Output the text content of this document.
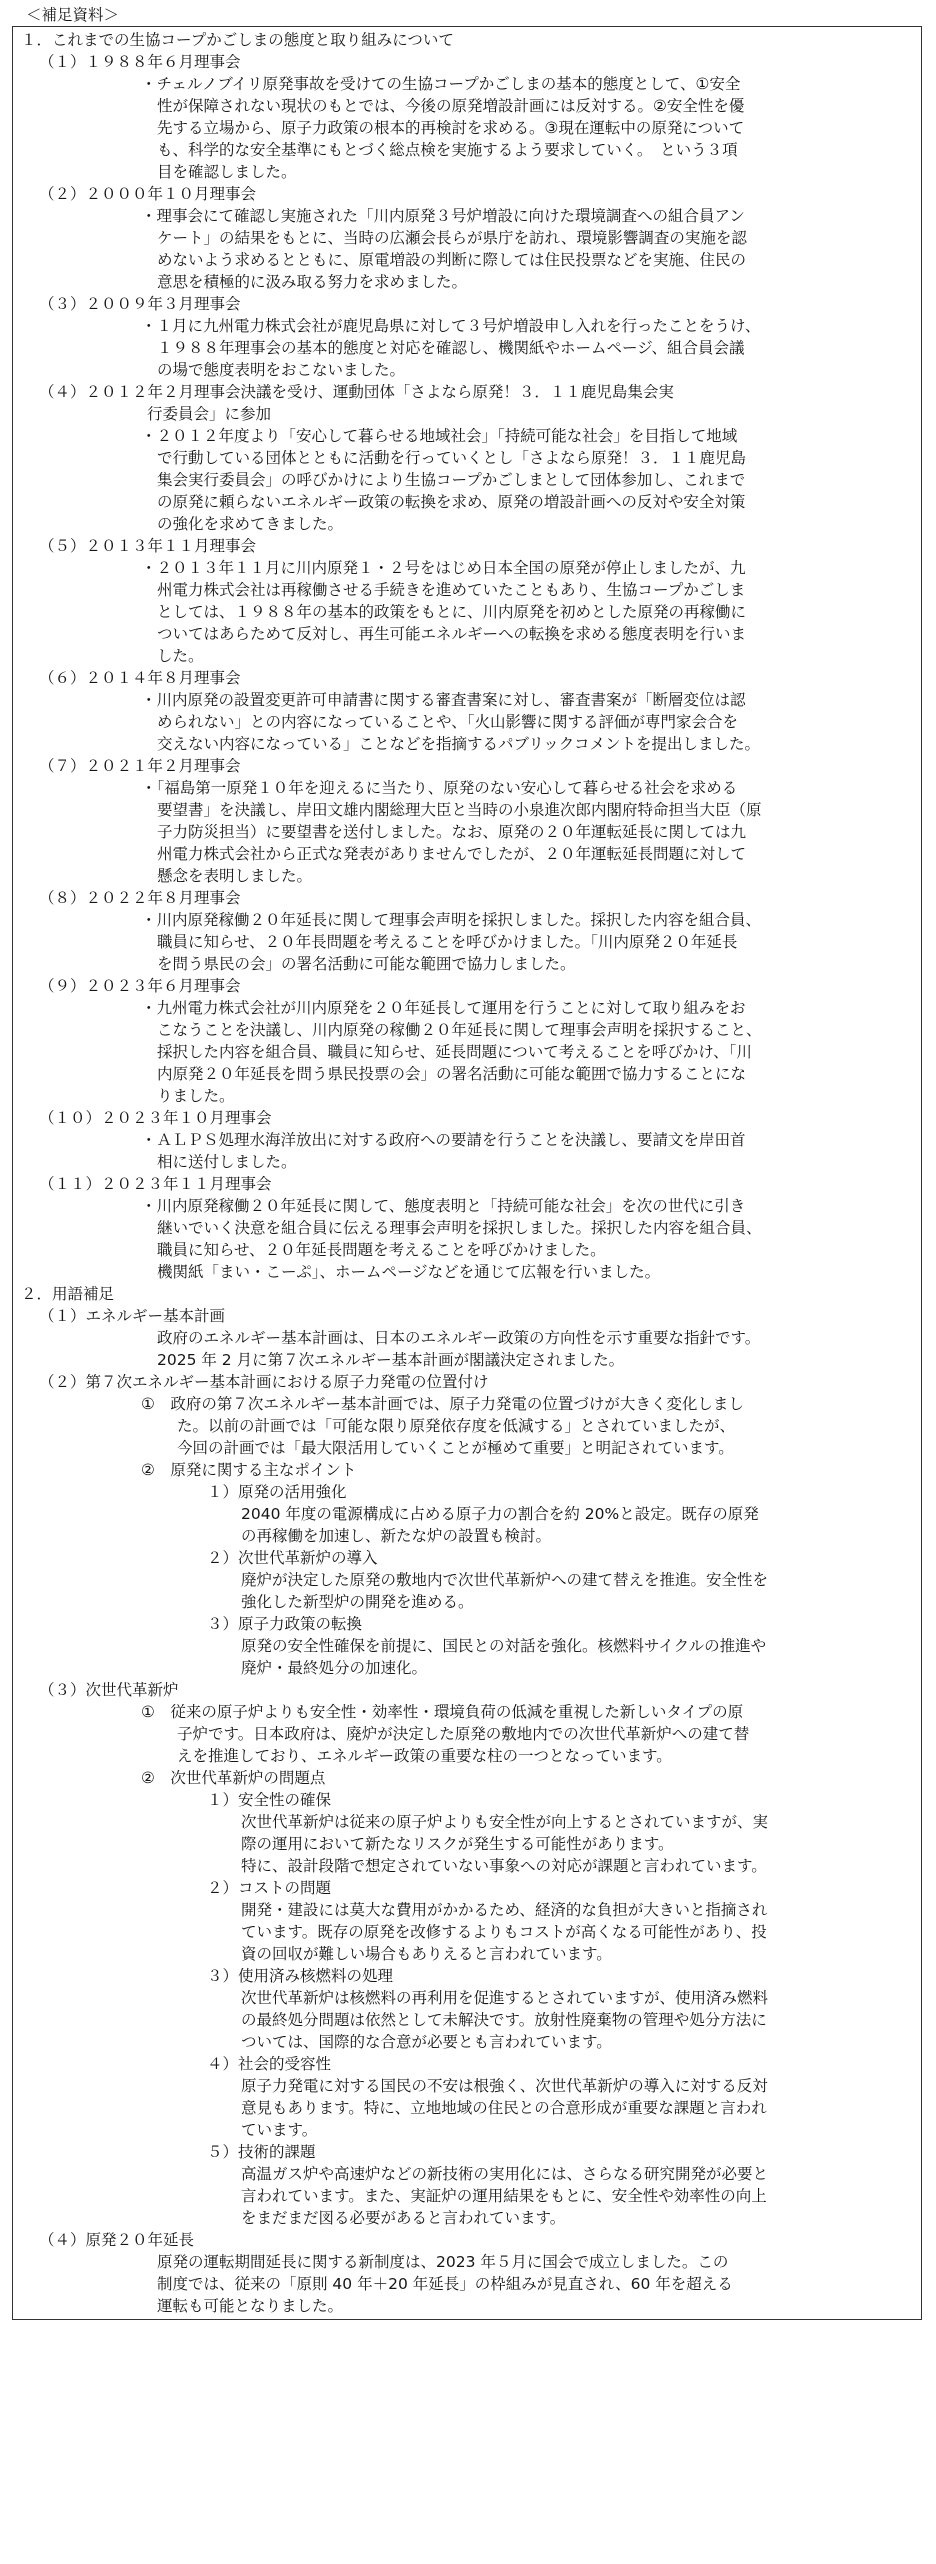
＜補足資料＞
１．これまでの生協コープかごしまの態度と取り組みについて
（１）１９８８年６月理事会
・チェルノブイリ原発事故を受けての生協コープかごしまの基本的態度として、①安全
性が保障されない現状のもとでは、今後の原発増設計画には反対する。②安全性を優
先する立場から、原子力政策の根本的再検討を求める。③現在運転中の原発について
も、科学的な安全基準にもとづく総点検を実施するよう要求していく。　という３項
目を確認しました。
（２）２０００年１０月理事会
・理事会にて確認し実施された「川内原発３号炉増設に向けた環境調査への組合員アン
ケート」の結果をもとに、当時の広瀬会長らが県庁を訪れ、環境影響調査の実施を認
めないよう求めるとともに、原電増設の判断に際しては住民投票などを実施、住民の
意思を積極的に汲み取る努力を求めました。
（３）２００９年３月理事会
・１月に九州電力株式会社が鹿児島県に対して３号炉増設申し入れを行ったことをうけ、
１９８８年理事会の基本的態度と対応を確認し、機関紙やホームページ、組合員会議
の場で態度表明をおこないました。
（４）２０１２年２月理事会決議を受け、運動団体「さよなら原発！３．１１鹿児島集会実
行委員会」に参加
・２０１２年度より「安心して暮らせる地域社会」「持続可能な社会」を目指して地域
で行動している団体とともに活動を行っていくとし「さよなら原発！３．１１鹿児島
集会実行委員会」の呼びかけにより生協コープかごしまとして団体参加し、これまで
の原発に頼らないエネルギー政策の転換を求め、原発の増設計画への反対や安全対策
の強化を求めてきました。
（５）２０１３年１１月理事会
・２０１３年１１月に川内原発１・２号をはじめ日本全国の原発が停止しましたが、九
州電力株式会社は再稼働させる手続きを進めていたこともあり、生協コープかごしま
としては、１９８８年の基本的政策をもとに、川内原発を初めとした原発の再稼働に
ついてはあらためて反対し、再生可能エネルギーへの転換を求める態度表明を行いま
した。
（６）２０１４年８月理事会
・川内原発の設置変更許可申請書に関する審査書案に対し、審査書案が「断層変位は認
められない」との内容になっていることや、「火山影響に関する評価が専門家会合を
交えない内容になっている」ことなどを指摘するパブリックコメントを提出しました。
（７）２０２１年２月理事会
・「福島第一原発１０年を迎えるに当たり、原発のない安心して暮らせる社会を求める
要望書」を決議し、岸田文雄内閣総理大臣と当時の小泉進次郎内閣府特命担当大臣（原
子力防災担当）に要望書を送付しました。なお、原発の２０年運転延長に関しては九
州電力株式会社から正式な発表がありませんでしたが、２０年運転延長問題に対して
懸念を表明しました。
（８）２０２２年８月理事会
・川内原発稼働２０年延長に関して理事会声明を採択しました。採択した内容を組合員、
職員に知らせ、２０年長問題を考えることを呼びかけました。「川内原発２０年延長
を問う県民の会」の署名活動に可能な範囲で協力しました。
（９）２０２３年６月理事会
・九州電力株式会社が川内原発を２０年延長して運用を行うことに対して取り組みをお
こなうことを決議し、川内原発の稼働２０年延長に関して理事会声明を採択すること、
採択した内容を組合員、職員に知らせ、延長問題について考えることを呼びかけ、「川
内原発２０年延長を問う県民投票の会」の署名活動に可能な範囲で協力することにな
りました。
（１０）２０２３年１０月理事会
・ＡＬＰＳ処理水海洋放出に対する政府への要請を行うことを決議し、要請文を岸田首
相に送付しました。
（１１）２０２３年１１月理事会
・川内原発稼働２０年延長に関して、態度表明と「持続可能な社会」を次の世代に引き
継いでいく決意を組合員に伝える理事会声明を採択しました。採択した内容を組合員、
職員に知らせ、２０年延長問題を考えることを呼びかけました。
機関紙「まい・こーぷ」、ホームページなどを通じて広報を行いました。
２．用語補足
（１）エネルギー基本計画
政府のエネルギー基本計画は、日本のエネルギー政策の方向性を示す重要な指針です。
2025 年 2 月に第７次エネルギー基本計画が閣議決定されました。
（２）第７次エネルギー基本計画における原子力発電の位置付け
①　政府の第７次エネルギー基本計画では、原子力発電の位置づけが大きく変化しまし
た。以前の計画では「可能な限り原発依存度を低減する」とされていましたが、
今回の計画では「最大限活用していくことが極めて重要」と明記されています。
②　原発に関する主なポイント
１）原発の活用強化
2040 年度の電源構成に占める原子力の割合を約 20%と設定。既存の原発
の再稼働を加速し、新たな炉の設置も検討。
２）次世代革新炉の導入
廃炉が決定した原発の敷地内で次世代革新炉への建て替えを推進。安全性を
強化した新型炉の開発を進める。
３）原子力政策の転換
原発の安全性確保を前提に、国民との対話を強化。核燃料サイクルの推進や
廃炉・最終処分の加速化。
（３）次世代革新炉
①　従来の原子炉よりも安全性・効率性・環境負荷の低減を重視した新しいタイプの原
子炉です。日本政府は、廃炉が決定した原発の敷地内での次世代革新炉への建て替
えを推進しており、エネルギー政策の重要な柱の一つとなっています。
②　次世代革新炉の問題点
１）安全性の確保
次世代革新炉は従来の原子炉よりも安全性が向上するとされていますが、実
際の運用において新たなリスクが発生する可能性があります。
特に、設計段階で想定されていない事象への対応が課題と言われています。
２）コストの問題
開発・建設には莫大な費用がかかるため、経済的な負担が大きいと指摘され
ています。既存の原発を改修するよりもコストが高くなる可能性があり、投
資の回収が難しい場合もありえると言われています。
３）使用済み核燃料の処理
次世代革新炉は核燃料の再利用を促進するとされていますが、使用済み燃料
の最終処分問題は依然として未解決です。放射性廃棄物の管理や処分方法に
ついては、国際的な合意が必要とも言われています。
４）社会的受容性
原子力発電に対する国民の不安は根強く、次世代革新炉の導入に対する反対
意見もあります。特に、立地地域の住民との合意形成が重要な課題と言われ
ています。
５）技術的課題
高温ガス炉や高速炉などの新技術の実用化には、さらなる研究開発が必要と
言われています。また、実証炉の運用結果をもとに、安全性や効率性の向上
をまだまだ図る必要があると言われています。
（４）原発２０年延長
原発の運転期間延長に関する新制度は、2023 年５月に国会で成立しました。この
制度では、従来の「原則 40 年＋20 年延長」の枠組みが見直され、60 年を超える
運転も可能となりました。
